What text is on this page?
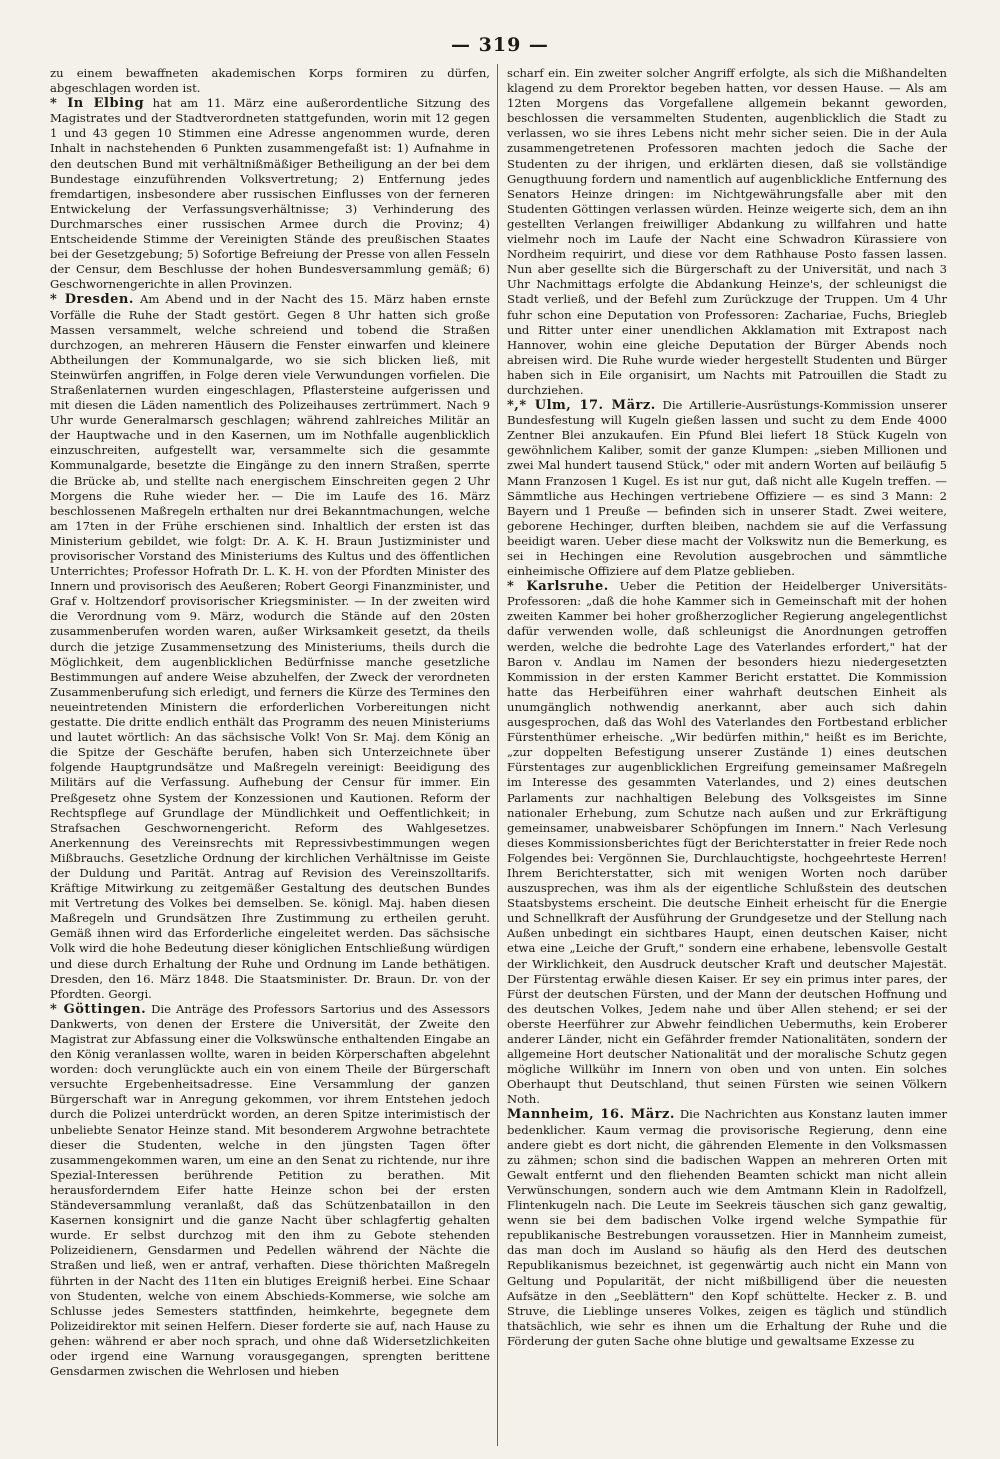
— 319 —

zu einem bewaffneten akademischen Korps formiren zu dürfen, abgeschlagen worden ist.

* In Elbing hat am 11. März eine außerordentliche Sitzung des Magistrates und der Stadtverordneten stattgefunden, worin mit 12 gegen 1 und 43 gegen 10 Stimmen eine Adresse angenommen wurde, deren Inhalt in nachstehenden 6 Punkten zusammengefaßt ist: 1) Aufnahme in den deutschen Bund mit verhältnißmäßiger Betheiligung an der bei dem Bundestage einzuführenden Volksvertretung; 2) Entfernung jedes fremdartigen, insbesondere aber russischen Einflusses von der ferneren Entwickelung der Verfassungsverhältnisse; 3) Verhinderung des Durchmarsches einer russischen Armee durch die Provinz; 4) Entscheidende Stimme der Vereinigten Stände des preußischen Staates bei der Gesetzgebung; 5) Sofortige Befreiung der Presse von allen Fesseln der Censur, dem Beschlusse der hohen Bundesversammlung gemäß; 6) Geschwornengerichte in allen Provinzen.

* Dresden. Am Abend und in der Nacht des 15. März haben ernste Vorfälle die Ruhe der Stadt gestört. Gegen 8 Uhr hatten sich große Massen versammelt, welche schreiend und tobend die Straßen durchzogen, an mehreren Häusern die Fenster einwarfen und kleinere Abtheilungen der Kommunalgarde, wo sie sich blicken ließ, mit Steinwürfen angriffen, in Folge deren viele Verwundungen vorfielen. Die Straßenlaternen wurden eingeschlagen, Pflastersteine aufgerissen und mit diesen die Läden namentlich des Polizeihauses zertrümmert. Nach 9 Uhr wurde Generalmarsch geschlagen; während zahlreiches Militär an der Hauptwache und in den Kasernen, um im Nothfalle augenblicklich einzuschreiten, aufgestellt war, versammelte sich die gesammte Kommunalgarde, besetzte die Eingänge zu den innern Straßen, sperrte die Brücke ab, und stellte nach energischem Einschreiten gegen 2 Uhr Morgens die Ruhe wieder her. — Die im Laufe des 16. März beschlossenen Maßregeln erthalten nur drei Bekanntmachungen, welche am 17ten in der Frühe erschienen sind. Inhaltlich der ersten ist das Ministerium gebildet, wie folgt: Dr. A. K. H. Braun Justizminister und provisorischer Vorstand des Ministeriums des Kultus und des öffentlichen Unterrichtes; Professor Hofrath Dr. L. K. H. von der Pfordten Minister des Innern und provisorisch des Aeußeren; Robert Georgi Finanzminister, und Graf v. Holtzendorf provisorischer Kriegsminister. — In der zweiten wird die Verordnung vom 9. März, wodurch die Stände auf den 20sten zusammenberufen worden waren, außer Wirksamkeit gesetzt, da theils durch die jetzige Zusammensetzung des Ministeriums, theils durch die Möglichkeit, dem augenblicklichen Bedürfnisse manche gesetzliche Bestimmungen auf andere Weise abzuhelfen, der Zweck der verordneten Zusammenberufung sich erledigt, und ferners die Kürze des Termines den neueintretenden Ministern die erforderlichen Vorbereitungen nicht gestatte. Die dritte endlich enthält das Programm des neuen Ministeriums und lautet wörtlich: An das sächsische Volk! Von Sr. Maj. dem König an die Spitze der Geschäfte berufen, haben sich Unterzeichnete über folgende Hauptgrundsätze und Maßregeln vereinigt: Beeidigung des Militärs auf die Verfassung. Aufhebung der Censur für immer. Ein Preßgesetz ohne System der Konzessionen und Kautionen. Reform der Rechtspflege auf Grundlage der Mündlichkeit und Oeffentlichkeit; in Strafsachen Geschwornengericht. Reform des Wahlgesetzes. Anerkennung des Vereinsrechts mit Repressivbestimmungen wegen Mißbrauchs. Gesetzliche Ordnung der kirchlichen Verhältnisse im Geiste der Duldung und Parität. Antrag auf Revision des Vereinszolltarifs. Kräftige Mitwirkung zu zeitgemäßer Gestaltung des deutschen Bundes mit Vertretung des Volkes bei demselben. Se. königl. Maj. haben diesen Maßregeln und Grundsätzen Ihre Zustimmung zu ertheilen geruht. Gemäß ihnen wird das Erforderliche eingeleitet werden. Das sächsische Volk wird die hohe Bedeutung dieser königlichen Entschließung würdigen und diese durch Erhaltung der Ruhe und Ordnung im Lande bethätigen. Dresden, den 16. März 1848. Die Staatsminister. Dr. Braun. Dr. von der Pfordten. Georgi.

* Göttingen. Die Anträge des Professors Sartorius und des Assessors Dankwerts, von denen der Erstere die Universität, der Zweite den Magistrat zur Abfassung einer die Volkswünsche enthaltenden Eingabe an den König veranlassen wollte, waren in beiden Körperschaften abgelehnt worden: doch verunglückte auch ein von einem Theile der Bürgerschaft versuchte Ergebenheitsadresse. Eine Versammlung der ganzen Bürgerschaft war in Anregung gekommen, vor ihrem Entstehen jedoch durch die Polizei unterdrückt worden, an deren Spitze interimistisch der unbeliebte Senator Heinze stand. Mit besonderem Argwohne betrachtete dieser die Studenten, welche in den jüngsten Tagen öfter zusammengekommen waren, um eine an den Senat zu richtende, nur ihre Spezial-Interessen berührende Petition zu berathen. Mit herausforderndem Eifer hatte Heinze schon bei der ersten Ständeversammlung veranlaßt, daß das Schützenbataillon in den Kasernen konsignirt und die ganze Nacht über schlagfertig gehalten wurde. Er selbst durchzog mit den ihm zu Gebote stehenden Polizeidienern, Gensdarmen und Pedellen während der Nächte die Straßen und ließ, wen er antraf, verhaften. Diese thörichten Maßregeln führten in der Nacht des 11ten ein blutiges Ereigniß herbei. Eine Schaar von Studenten, welche von einem Abschieds-Kommerse, wie solche am Schlusse jedes Semesters stattfinden, heimkehrte, begegnete dem Polizeidirektor mit seinen Helfern. Dieser forderte sie auf, nach Hause zu gehen: während er aber noch sprach, und ohne daß Widersetzlichkeiten oder irgend eine Warnung vorausgegangen, sprengten berittene Gensdarmen zwischen die Wehrlosen und hieben

scharf ein. Ein zweiter solcher Angriff erfolgte, als sich die Mißhandelten klagend zu dem Prorektor begeben hatten, vor dessen Hause. — Als am 12ten Morgens das Vorgefallene allgemein bekannt geworden, beschlossen die versammelten Studenten, augenblicklich die Stadt zu verlassen, wo sie ihres Lebens nicht mehr sicher seien. Die in der Aula zusammengetretenen Professoren machten jedoch die Sache der Studenten zu der ihrigen, und erklärten diesen, daß sie vollständige Genugthuung fordern und namentlich auf augenblickliche Entfernung des Senators Heinze dringen: im Nichtgewährungsfalle aber mit den Studenten Göttingen verlassen würden. Heinze weigerte sich, dem an ihn gestellten Verlangen freiwilliger Abdankung zu willfahren und hatte vielmehr noch im Laufe der Nacht eine Schwadron Kürassiere von Nordheim requirirt, und diese vor dem Rathhause Posto fassen lassen. Nun aber gesellte sich die Bürgerschaft zu der Universität, und nach 3 Uhr Nachmittags erfolgte die Abdankung Heinze's, der schleunigst die Stadt verließ, und der Befehl zum Zurückzuge der Truppen. Um 4 Uhr fuhr schon eine Deputation von Professoren: Zachariae, Fuchs, Briegleb und Ritter unter einer unendlichen Akklamation mit Extrapost nach Hannover, wohin eine gleiche Deputation der Bürger Abends noch abreisen wird. Die Ruhe wurde wieder hergestellt Studenten und Bürger haben sich in Eile organisirt, um Nachts mit Patrouillen die Stadt zu durchziehen.

*,* Ulm, 17. März. Die Artillerie-Ausrüstungs-Kommission unserer Bundesfestung will Kugeln gießen lassen und sucht zu dem Ende 4000 Zentner Blei anzukaufen. Ein Pfund Blei liefert 18 Stück Kugeln von gewöhnlichem Kaliber, somit der ganze Klumpen: „sieben Millionen und zwei Mal hundert tausend Stück," oder mit andern Worten auf beiläufig 5 Mann Franzosen 1 Kugel. Es ist nur gut, daß nicht alle Kugeln treffen. — Sämmtliche aus Hechingen vertriebene Offiziere — es sind 3 Mann: 2 Bayern und 1 Preuße — befinden sich in unserer Stadt. Zwei weitere, geborene Hechinger, durften bleiben, nachdem sie auf die Verfassung beeidigt waren. Ueber diese macht der Volkswitz nun die Bemerkung, es sei in Hechingen eine Revolution ausgebrochen und sämmtliche einheimische Offiziere auf dem Platze geblieben.

* Karlsruhe. Ueber die Petition der Heidelberger Universitäts-Professoren: „daß die hohe Kammer sich in Gemeinschaft mit der hohen zweiten Kammer bei hoher großherzoglicher Regierung angelegentlichst dafür verwenden wolle, daß schleunigst die Anordnungen getroffen werden, welche die bedrohte Lage des Vaterlandes erfordert," hat der Baron v. Andlau im Namen der besonders hiezu niedergesetzten Kommission in der ersten Kammer Bericht erstattet. Die Kommission hatte das Herbeiführen einer wahrhaft deutschen Einheit als unumgänglich nothwendig anerkannt, aber auch sich dahin ausgesprochen, daß das Wohl des Vaterlandes den Fortbestand erblicher Fürstenthümer erheische. „Wir bedürfen mithin," heißt es im Berichte, „zur doppelten Befestigung unserer Zustände 1) eines deutschen Fürstentages zur augenblicklichen Ergreifung gemeinsamer Maßregeln im Interesse des gesammten Vaterlandes, und 2) eines deutschen Parlaments zur nachhaltigen Belebung des Volksgeistes im Sinne nationaler Erhebung, zum Schutze nach außen und zur Erkräftigung gemeinsamer, unabweisbarer Schöpfungen im Innern." Nach Verlesung dieses Kommissionsberichtes fügt der Berichterstatter in freier Rede noch Folgendes bei: Vergönnen Sie, Durchlauchtigste, hochgeehrteste Herren! Ihrem Berichterstatter, sich mit wenigen Worten noch darüber auszusprechen, was ihm als der eigentliche Schlußstein des deutschen Staatsbystems erscheint. Die deutsche Einheit erheischt für die Energie und Schnellkraft der Ausführung der Grundgesetze und der Stellung nach Außen unbedingt ein sichtbares Haupt, einen deutschen Kaiser, nicht etwa eine „Leiche der Gruft," sondern eine erhabene, lebensvolle Gestalt der Wirklichkeit, den Ausdruck deutscher Kraft und deutscher Majestät. Der Fürstentag erwähle diesen Kaiser. Er sey ein primus inter pares, der Fürst der deutschen Fürsten, und der Mann der deutschen Hoffnung und des deutschen Volkes, Jedem nahe und über Allen stehend; er sei der oberste Heerführer zur Abwehr feindlichen Uebermuths, kein Eroberer anderer Länder, nicht ein Gefährder fremder Nationalitäten, sondern der allgemeine Hort deutscher Nationalität und der moralische Schutz gegen mögliche Willkühr im Innern von oben und von unten. Ein solches Oberhaupt thut Deutschland, thut seinen Fürsten wie seinen Völkern Noth.

Mannheim, 16. März. Die Nachrichten aus Konstanz lauten immer bedenklicher. Kaum vermag die provisorische Regierung, denn eine andere giebt es dort nicht, die gährenden Elemente in den Volksmassen zu zähmen; schon sind die badischen Wappen an mehreren Orten mit Gewalt entfernt und den fliehenden Beamten schickt man nicht allein Verwünschungen, sondern auch wie dem Amtmann Klein in Radolfzell, Flintenkugeln nach. Die Leute im Seekreis täuschen sich ganz gewaltig, wenn sie bei dem badischen Volke irgend welche Sympathie für republikanische Bestrebungen voraussetzen. Hier in Mannheim zumeist, das man doch im Ausland so häufig als den Herd des deutschen Republikanismus bezeichnet, ist gegenwärtig auch nicht ein Mann von Geltung und Popularität, der nicht mißbilligend über die neuesten Aufsätze in den „Seeblättern" den Kopf schüttelte. Hecker z. B. und Struve, die Lieblinge unseres Volkes, zeigen es täglich und stündlich thatsächlich, wie sehr es ihnen um die Erhaltung der Ruhe und die Förderung der guten Sache ohne blutige und gewaltsame Exzesse zu
